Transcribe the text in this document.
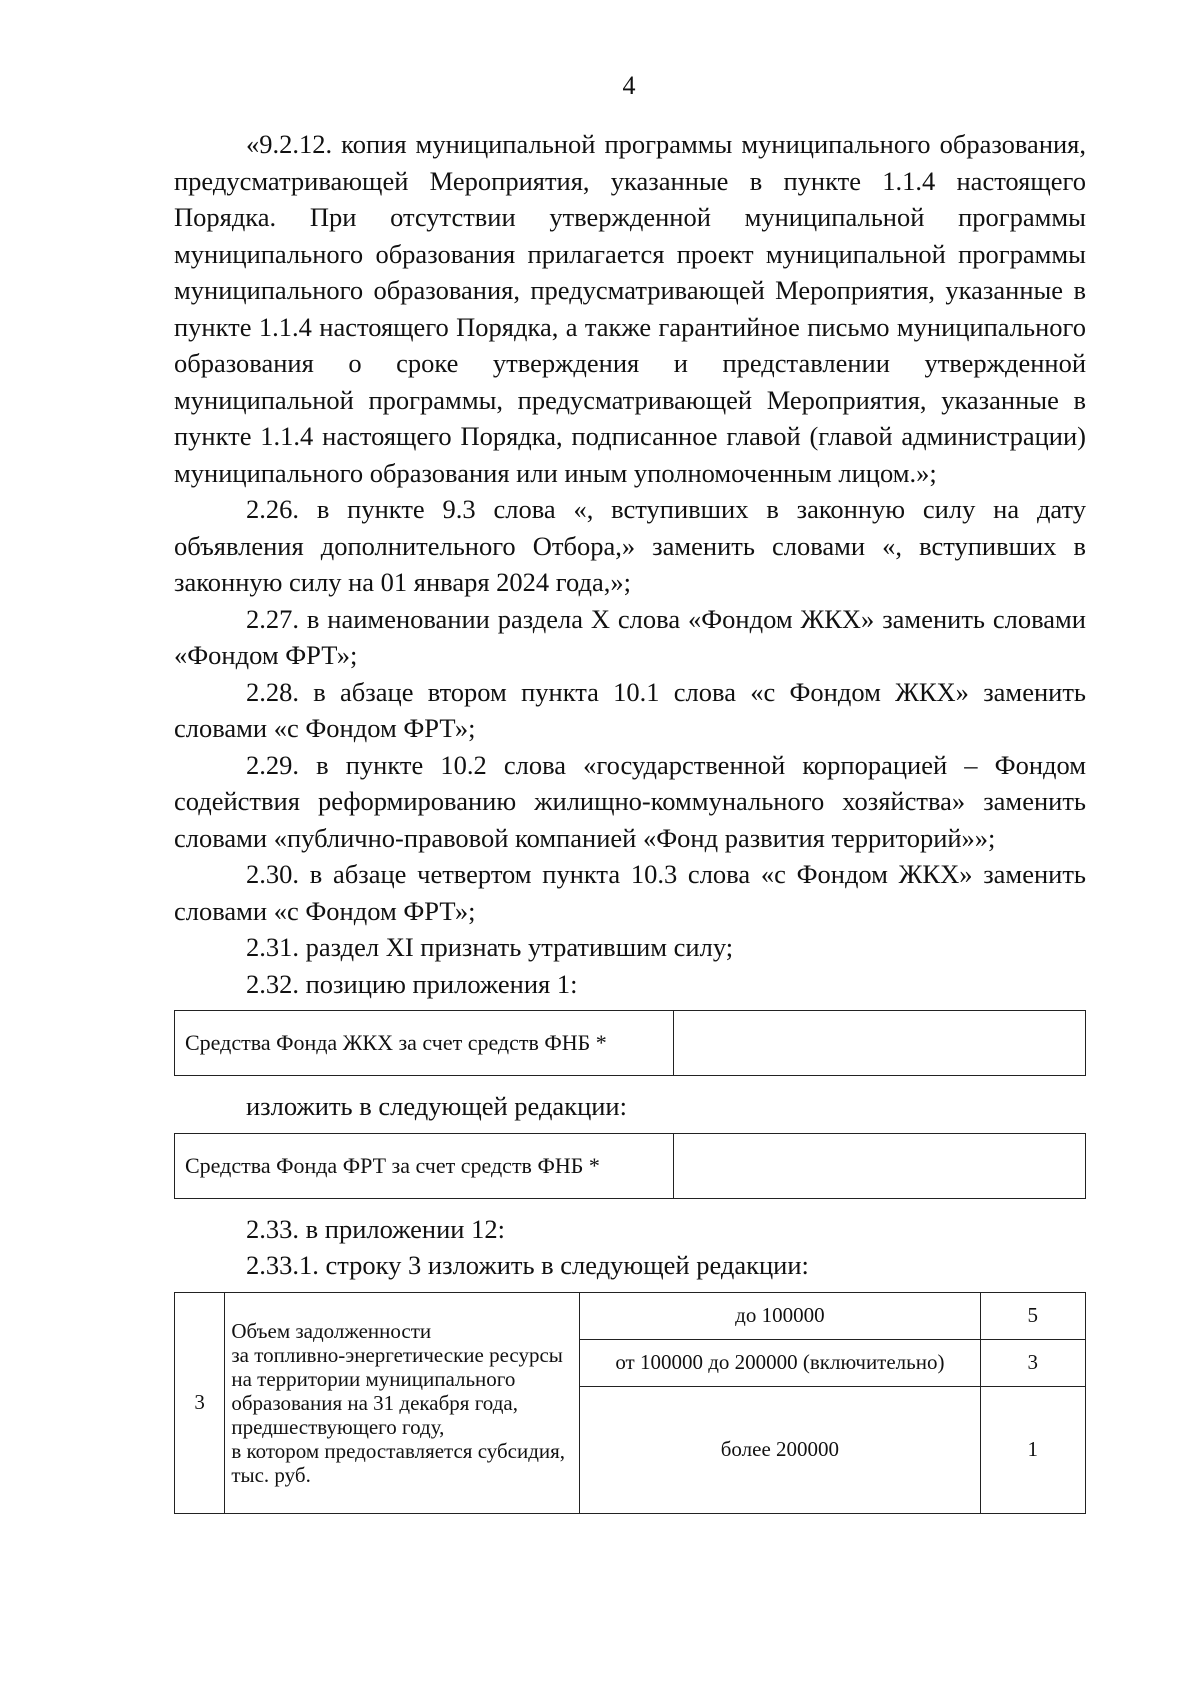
4

«9.2.12. копия муниципальной программы муниципального образования, предусматривающей Мероприятия, указанные в пункте 1.1.4 настоящего Порядка. При отсутствии утвержденной муниципальной программы муниципального образования прилагается проект муниципальной программы муниципального образования, предусматривающей Мероприятия, указанные в пункте 1.1.4 настоящего Порядка, а также гарантийное письмо муниципального образования о сроке утверждения и представлении утвержденной муниципальной программы, предусматривающей Мероприятия, указанные в пункте 1.1.4 настоящего Порядка, подписанное главой (главой администрации) муниципального образования или иным уполномоченным лицом.»;

2.26. в пункте 9.3 слова «, вступивших в законную силу на дату объявления дополнительного Отбора,» заменить словами «, вступивших в законную силу на 01 января 2024 года,»;

2.27. в наименовании раздела X слова «Фондом ЖКХ» заменить словами «Фондом ФРТ»;

2.28. в абзаце втором пункта 10.1 слова «с Фондом ЖКХ» заменить словами «с Фондом ФРТ»;

2.29. в пункте 10.2 слова «государственной корпорацией – Фондом содействия реформированию жилищно-коммунального хозяйства» заменить словами «публично-правовой компанией «Фонд развития территорий»»;

2.30. в абзаце четвертом пункта 10.3 слова «с Фондом ЖКХ» заменить словами «с Фондом ФРТ»;

2.31. раздел XI признать утратившим силу;

2.32. позицию приложения 1:

Средства Фонда ЖКХ за счет средств ФНБ *	

изложить в следующей редакции:

Средства Фонда ФРТ за счет средств ФНБ *	

2.33. в приложении 12:

2.33.1. строку 3 изложить в следующей редакции:

3	Объем задолженности
за топливно-энергетические ресурсы на территории муниципального образования на 31 декабря года, предшествующего году,
в котором предоставляется субсидия, тыс. руб.	до 100000	5
		от 100000 до 200000 (включительно)	3
		более 200000	1
